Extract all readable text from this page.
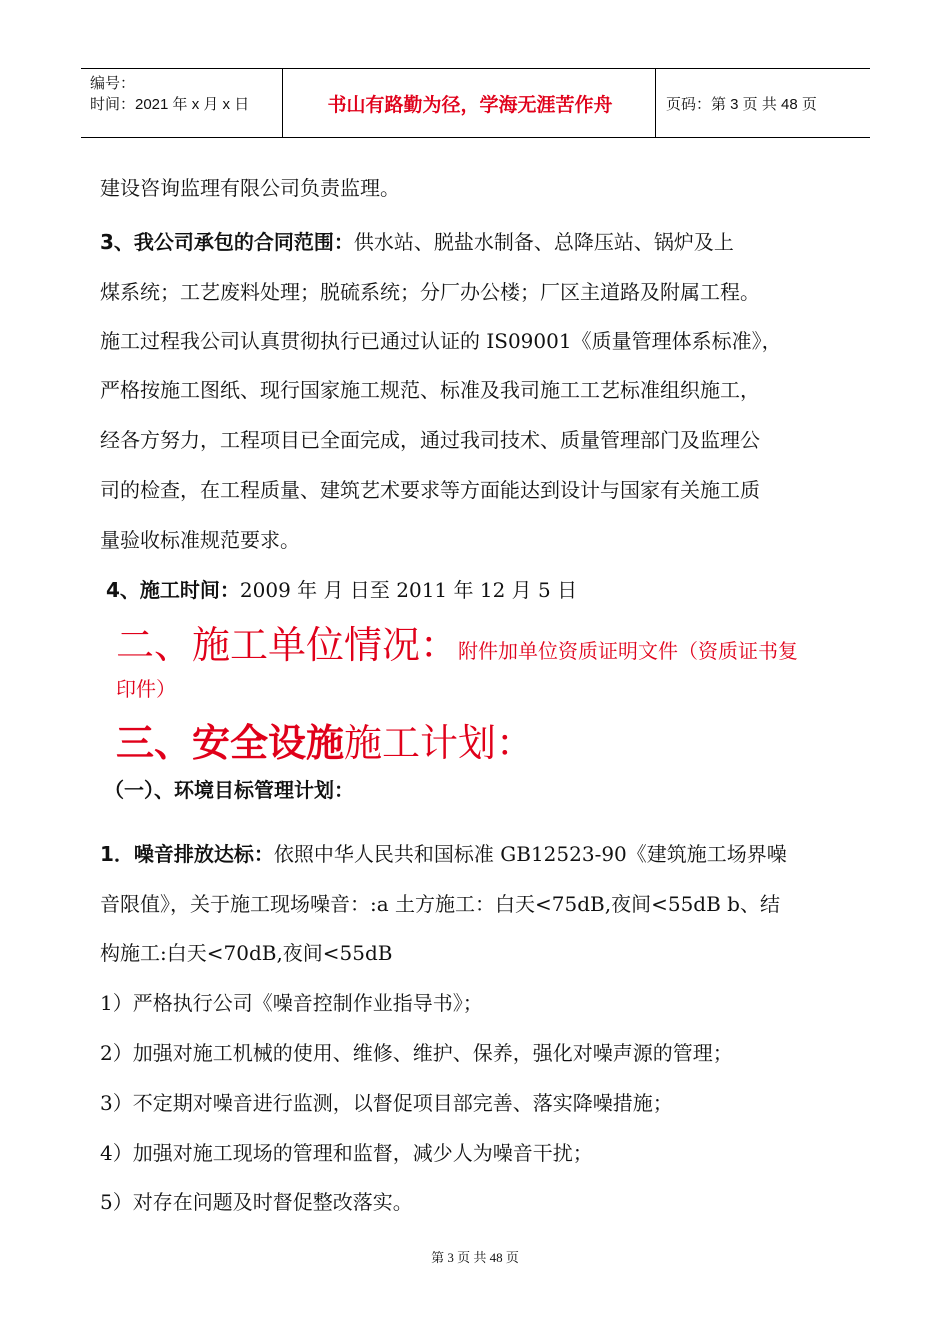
编号：
时间：2021 年 x 月 x 日	书山有路勤为径，学海无涯苦作舟	页码：第 3 页 共 48 页
建设咨询监理有限公司负责监理。
3、我公司承包的合同范围：供水站、脱盐水制备、总降压站、锅炉及上
煤系统；工艺废料处理；脱硫系统；分厂办公楼；厂区主道路及附属工程。
施工过程我公司认真贯彻执行已通过认证的 IS09001《质量管理体系标准》，
严格按施工图纸、现行国家施工规范、标准及我司施工工艺标准组织施工，
经各方努力，工程项目已全面完成，通过我司技术、质量管理部门及监理公
司的检查，在工程质量、建筑艺术要求等方面能达到设计与国家有关施工质
量验收标准规范要求。
4、施工时间：2009 年 月 日至 2011 年 12 月 5 日
二、施工单位情况：附件加单位资质证明文件（资质证书复
印件）
三、安全设施施工计划：
（一）、环境目标管理计划：
1．噪音排放达标：依照中华人民共和国标准 GB12523-90《建筑施工场界噪
音限值》，关于施工现场噪音：:a 土方施工：白天<75dB,夜间<55dB b、结
构施工:白天<70dB,夜间<55dB
1）严格执行公司《噪音控制作业指导书》；
2）加强对施工机械的使用、维修、维护、保养，强化对噪声源的管理；
3）不定期对噪音进行监测，以督促项目部完善、落实降噪措施；
4）加强对施工现场的管理和监督，减少人为噪音干扰；
5）对存在问题及时督促整改落实。
第 3 页 共 48 页
